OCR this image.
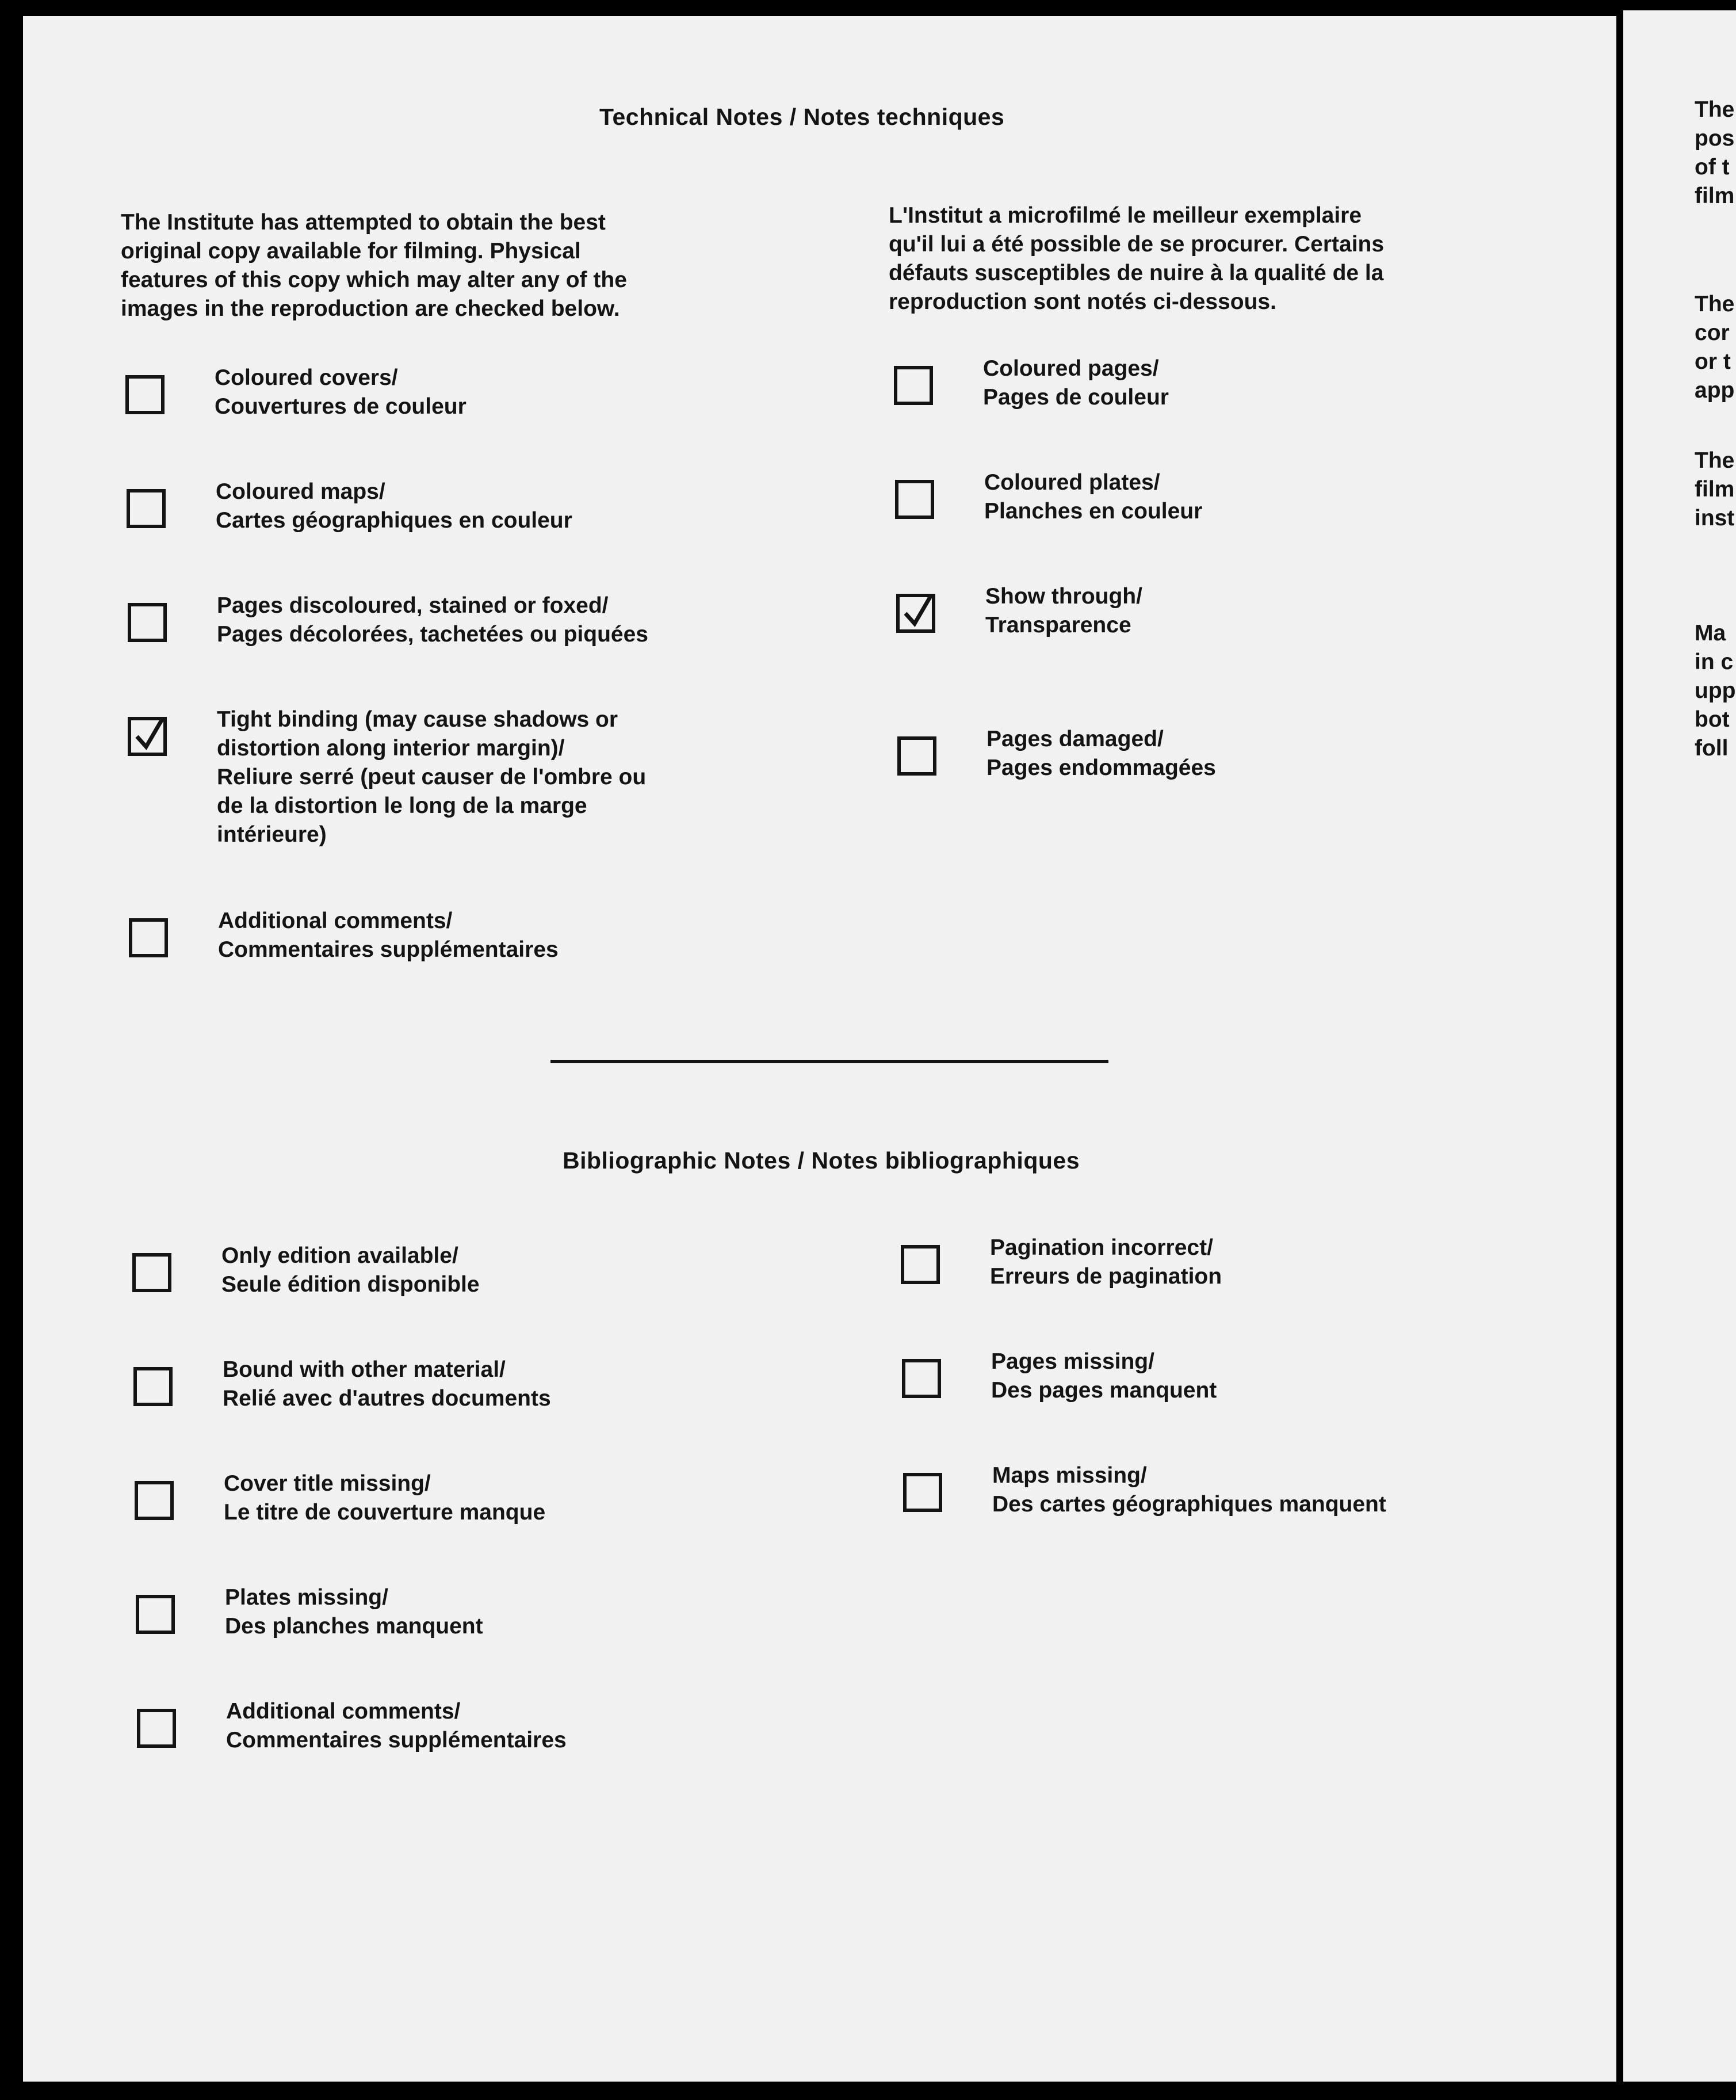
Technical Notes / Notes techniques
The Institute has attempted to obtain the best
original copy available for filming. Physical
features of this copy which may alter any of the
images in the reproduction are checked below.
L'Institut a microfilmé le meilleur exemplaire
qu'il lui a été possible de se procurer. Certains
défauts susceptibles de nuire à la qualité de la
reproduction sont notés ci-dessous.
Coloured covers/
Couvertures de couleur
Coloured maps/
Cartes géographiques en couleur
Pages discoloured, stained or foxed/
Pages décolorées, tachetées ou piquées
Tight binding (may cause shadows or
distortion along interior margin)/
Reliure serré (peut causer de l'ombre ou
de la distortion le long de la marge
intérieure)
Additional comments/
Commentaires supplémentaires
Coloured pages/
Pages de couleur
Coloured plates/
Planches en couleur
Show through/
Transparence
Pages damaged/
Pages endommagées
Bibliographic Notes / Notes bibliographiques
Only edition available/
Seule édition disponible
Bound with other material/
Relié avec d'autres documents
Cover title missing/
Le titre de couverture manque
Plates missing/
Des planches manquent
Additional comments/
Commentaires supplémentaires
Pagination incorrect/
Erreurs de pagination
Pages missing/
Des pages manquent
Maps missing/
Des cartes géographiques manquent
The
pos
of t
film
The
cor
or t
app
The
film
inst
Ma
in c
upp
bot
foll
